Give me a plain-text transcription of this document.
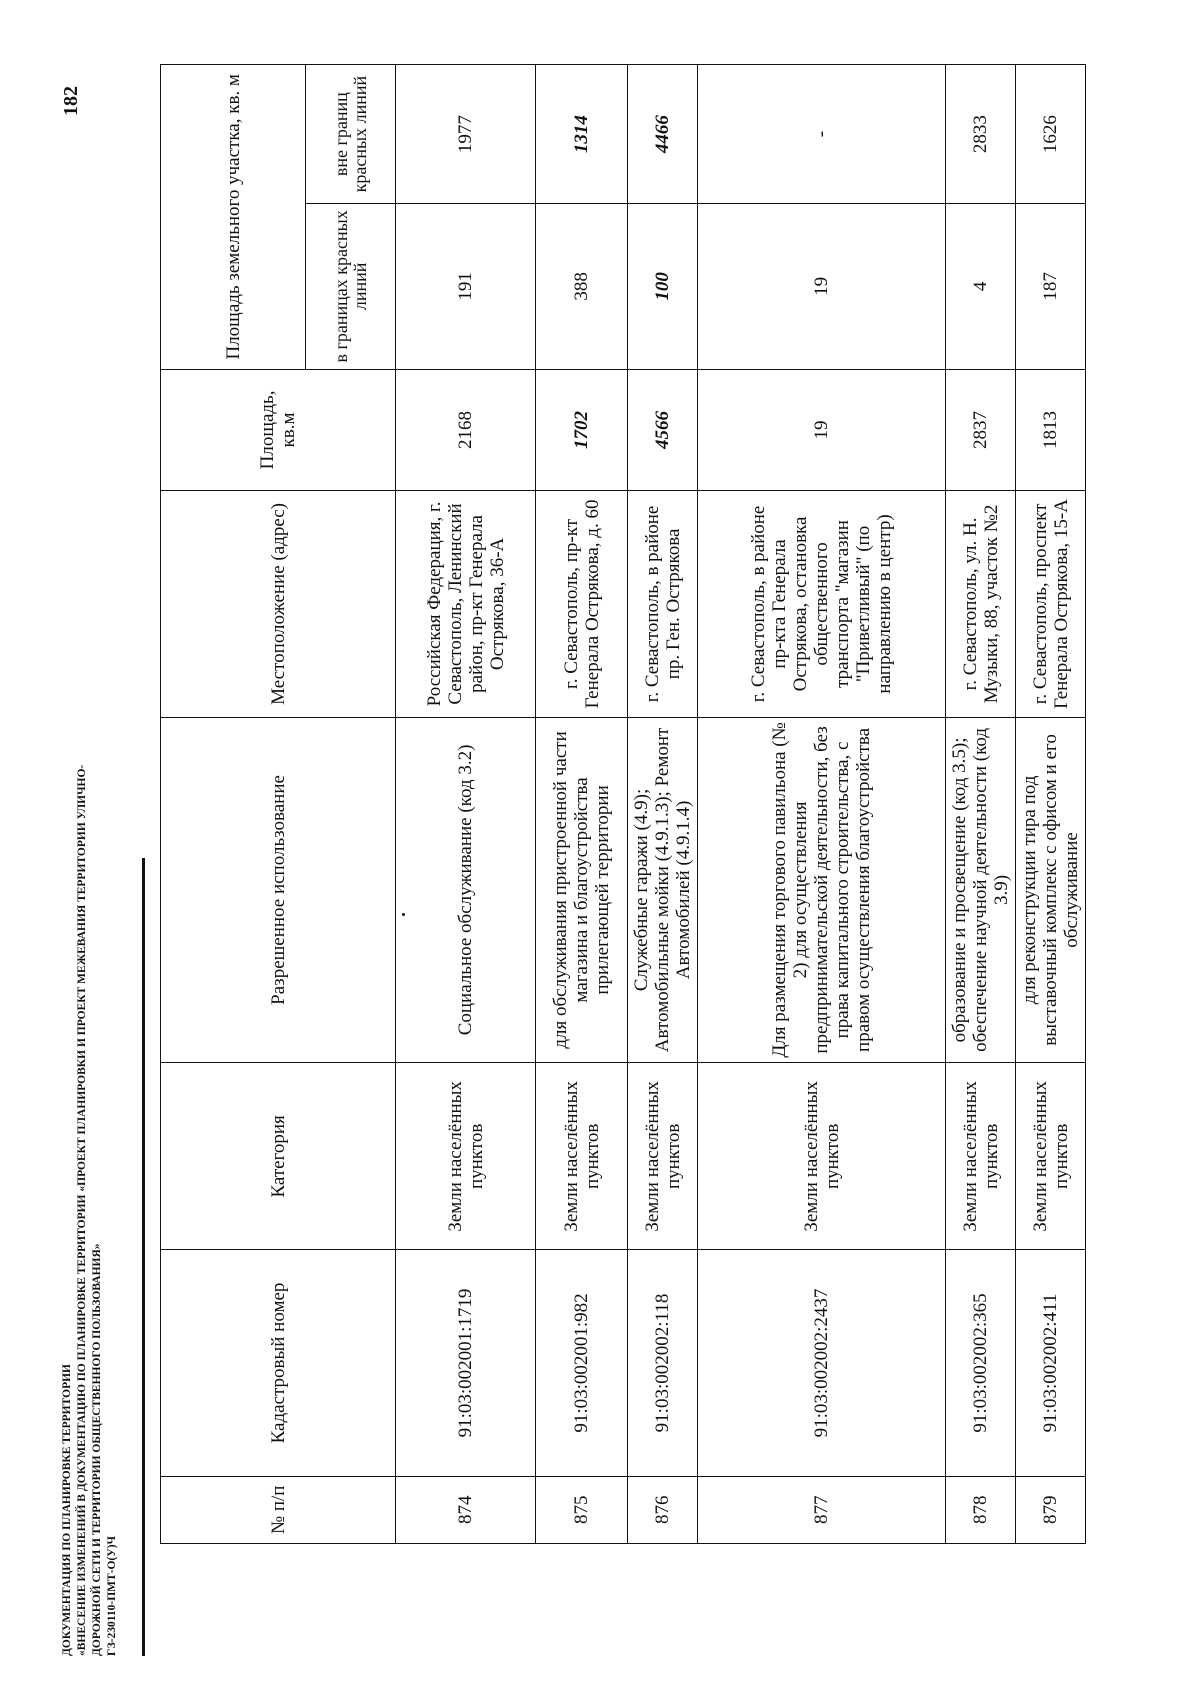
ДОКУМЕНТАЦИЯ ПО ПЛАНИРОВКЕ ТЕРРИТОРИИ «ВНЕСЕНИЕ ИЗМЕНЕНИЙ В ДОКУМЕНТАЦИЮ ПО ПЛАНИРОВКЕ ТЕРРИТОРИИ «ПРОЕКТ ПЛАНИРОВКИ И ПРОЕКТ МЕЖЕВАНИЯ ТЕРРИТОРИИ УЛИЧНО- ДОРОЖНОЙ СЕТИ И ТЕРРИТОРИИ ОБЩЕСТВЕННОГО ПОЛЬЗОВАНИЯ» ГЗ-230110-ПМТ-О(У)Ч
182
№ п/п	Кадастровый номер	Категория	Разрешенное использование	Местоположение (адрес)	Площадь, кв.м	Площадь земельного участка, кв. м	
						в границах красных линий	вне границ красных линий
874	91:03:002001:1719	Земли населённых пунктов	Социальное обслуживание (код 3.2)	Российская Федерация, г. Севастополь, Ленинский район, пр-кт Генерала Острякова, 36-А	2168	191	1977
875	91:03:002001:982	Земли населённых пунктов	для обслуживания пристроенной части магазина и благоустройства прилегающей территории	г. Севастополь, пр-кт Генерала Острякова, д. 60	1702	388	1314
876	91:03:002002:118	Земли населённых пунктов	Служебные гаражи (4.9); Автомобильные мойки (4.9.1.3); Ремонт Автомобилей (4.9.1.4)	г. Севастополь, в районе пр. Ген. Острякова	4566	100	4466
877	91:03:002002:2437	Земли населённых пунктов	Для размещения торгового павильона (№ 2) для осуществления предпринимательской деятельности, без права капитального строительства, с правом осуществления благоустройства	г. Севастополь, в районе пр-кта Генерала Острякова, остановка общественного транспорта "магазин "Приветливый" (по направлению в центр)	19	19	-
878	91:03:002002:365	Земли населённых пунктов	образование и просвещение (код 3.5); обеспечение научной деятельности (код 3.9)	г. Севастополь, ул. Н. Музыки, 88, участок №2	2837	4	2833
879	91:03:002002:411	Земли населённых пунктов	для реконструкции тира под выставочный комплекс с офисом и его обслуживание	г. Севастополь, проспект Генерала Острякова, 15-А	1813	187	1626
